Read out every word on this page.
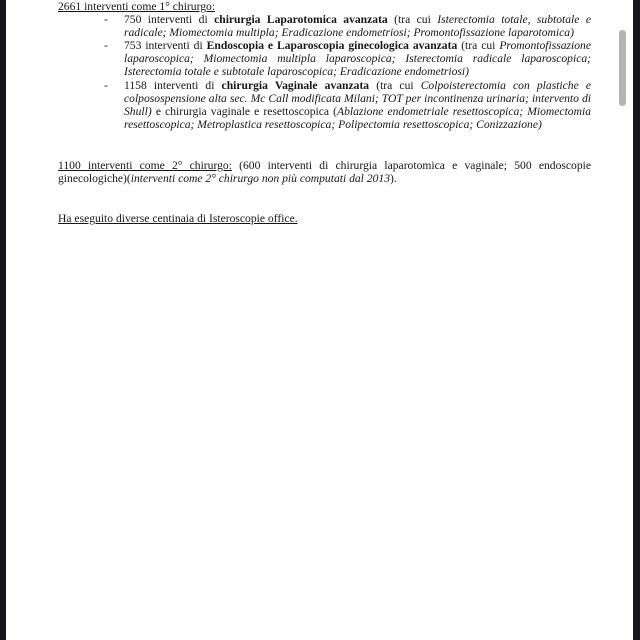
2661 interventi come 1° chirurgo:

- 750 interventi di chirurgia Laparotomica avanzata (tra cui Isterectomia totale, subtotale e radicale; Miomectomia multipla; Eradicazione endometriosi; Promontofissazione laparotomica)
- 753 interventi di Endoscopia e Laparoscopia ginecologica avanzata (tra cui Promontofissazione laparoscopica; Miomectomia multipla laparoscopica; Isterectomia radicale laparoscopica; Isterectomia totale e subtotale laparoscopica; Eradicazione endometriosi)
- 1158 interventi di chirurgia Vaginale avanzata (tra cui Colpoisterectomia con plastiche e colposospensione alta sec. Mc Call modificata Milani; TOT per incontinenza urinaria; intervento di Shull) e chirurgia vaginale e resettoscopica (Ablazione endometriale resettoscopica; Miomectomia resettoscopica; Metroplastica resettoscopica; Polipectomia resettoscopica; Conizzazione)

1100 interventi come 2° chirurgo: (600 interventi di chirurgia laparotomica e vaginale; 500 endoscopie ginecologiche)(interventi come 2° chirurgo non più computati dal 2013).

Ha eseguito diverse centinaia di Isteroscopie office.
